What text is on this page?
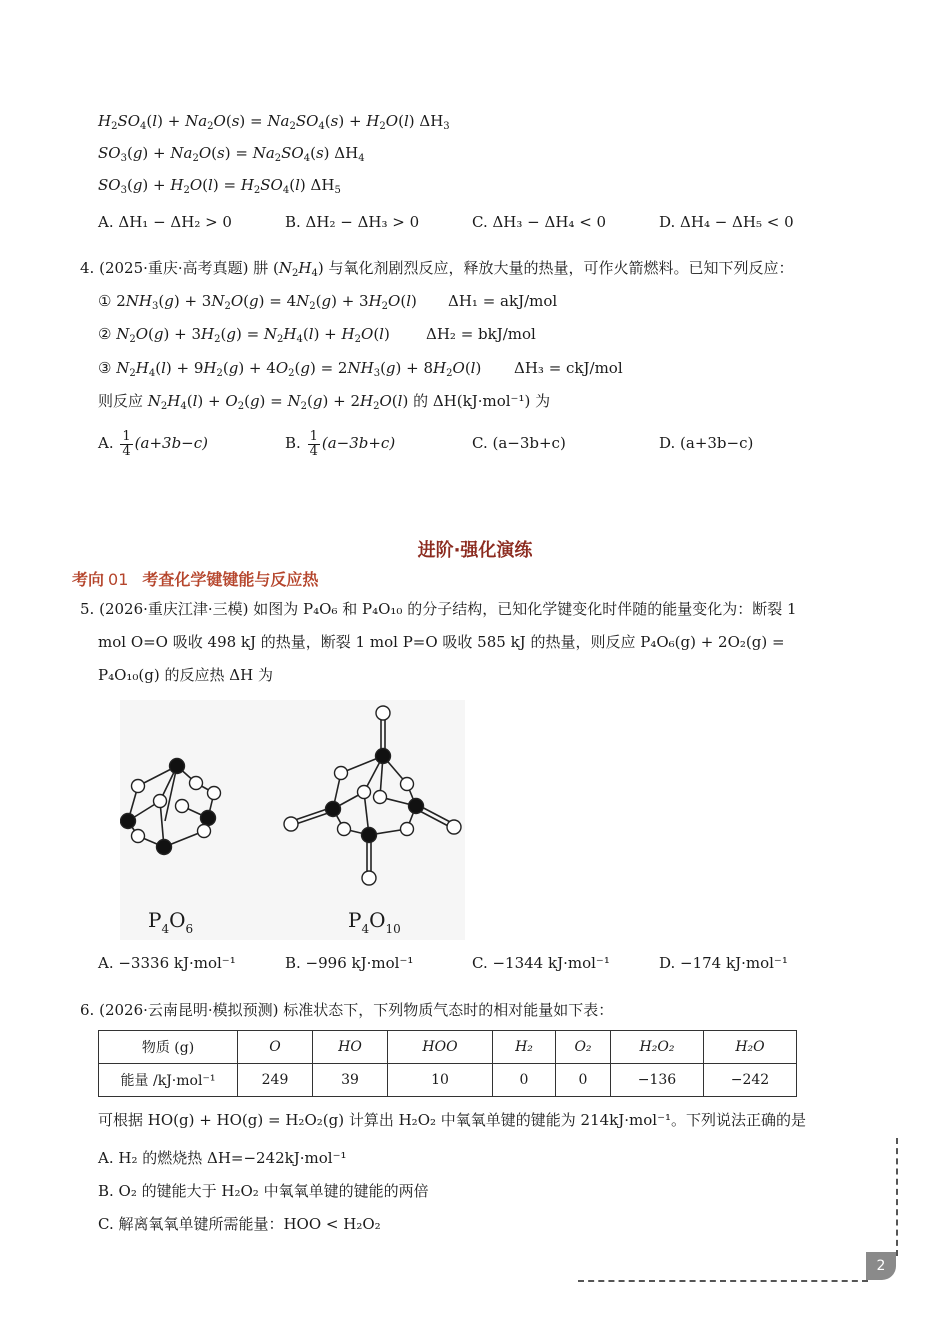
$H_2SO_4(l) + Na_2O(s) = Na_2SO_4(s) + H_2O(l)$ $\Delta H_3$
$SO_3(g) + Na_2O(s) = Na_2SO_4(s)$ $\Delta H_4$
$SO_3(g) + H_2O(l) = H_2SO_4(l)$ $\Delta H_5$
A. ΔH₁ − ΔH₂ > 0	B. ΔH₂ − ΔH₃ > 0	C. ΔH₃ − ΔH₄ < 0	D. ΔH₄ − ΔH₅ < 0
4. (2025·重庆·高考真题) 肼 $(N_2H_4)$ 与氧化剂剧烈反应，释放大量的热量，可作火箭燃料。已知下列反应：
① $2NH_3(g) + 3N_2O(g) = 4N_2(g) + 3H_2O(l) \Delta H_1 = akJ/mol$
② $N_2O(g) + 3H_2(g) = N_2H_4(l) + H_2O(l) \Delta H_2 = bkJ/mol$
③ $N_2H_4(l) + 9H_2(g) + 4O_2(g) = 2NH_3(g) + 8H_2O(l) \Delta H_3 = ckJ/mol$
则反应 $N_2H_4(l) + O_2(g) = N_2(g) + 2H_2O(l)$ 的 ΔH(kJ·mol⁻¹) 为
A. $\frac{1}{4} (a+3b-c)$	B. $\frac{1}{4} (a-3b+c)$	C. (a−3b+c)	D. (a+3b−c)
进阶·强化演练
考向 01 考查化学键键能与反应热
5. (2026·重庆江津·三模) 如图为 P₄O₆ 和 P₄O₁₀ 的分子结构，已知化学键变化时伴随的能量变化为：断裂 1
mol O=O 吸收 498 kJ 的热量，断裂 1 mol P=O 吸收 585 kJ 的热量，则反应 P₄O₆(g) + 2O₂(g) =
P₄O₁₀(g) 的反应热 ΔH 为
$P_4O_6$	$P_4O_{10}$
A. −3336 kJ·mol⁻¹	B. −996 kJ·mol⁻¹	C. −1344 kJ·mol⁻¹	D. −174 kJ·mol⁻¹
6. (2026·云南昆明·模拟预测) 标准状态下，下列物质气态时的相对能量如下表：
物质 (g)	O	HO	HOO	H₂	O₂	H₂O₂	H₂O
能量 /kJ·mol⁻¹	249	39	10	0	0	−136	−242
可根据 HO(g) + HO(g) = H₂O₂(g) 计算出 H₂O₂ 中氧氧单键的键能为 214kJ·mol⁻¹。下列说法正确的是
A. H₂ 的燃烧热 ΔH=−242kJ·mol⁻¹
B. O₂ 的键能大于 H₂O₂ 中氧氧单键的键能的两倍
C. 解离氧氧单键所需能量：HOO < H₂O₂
2
